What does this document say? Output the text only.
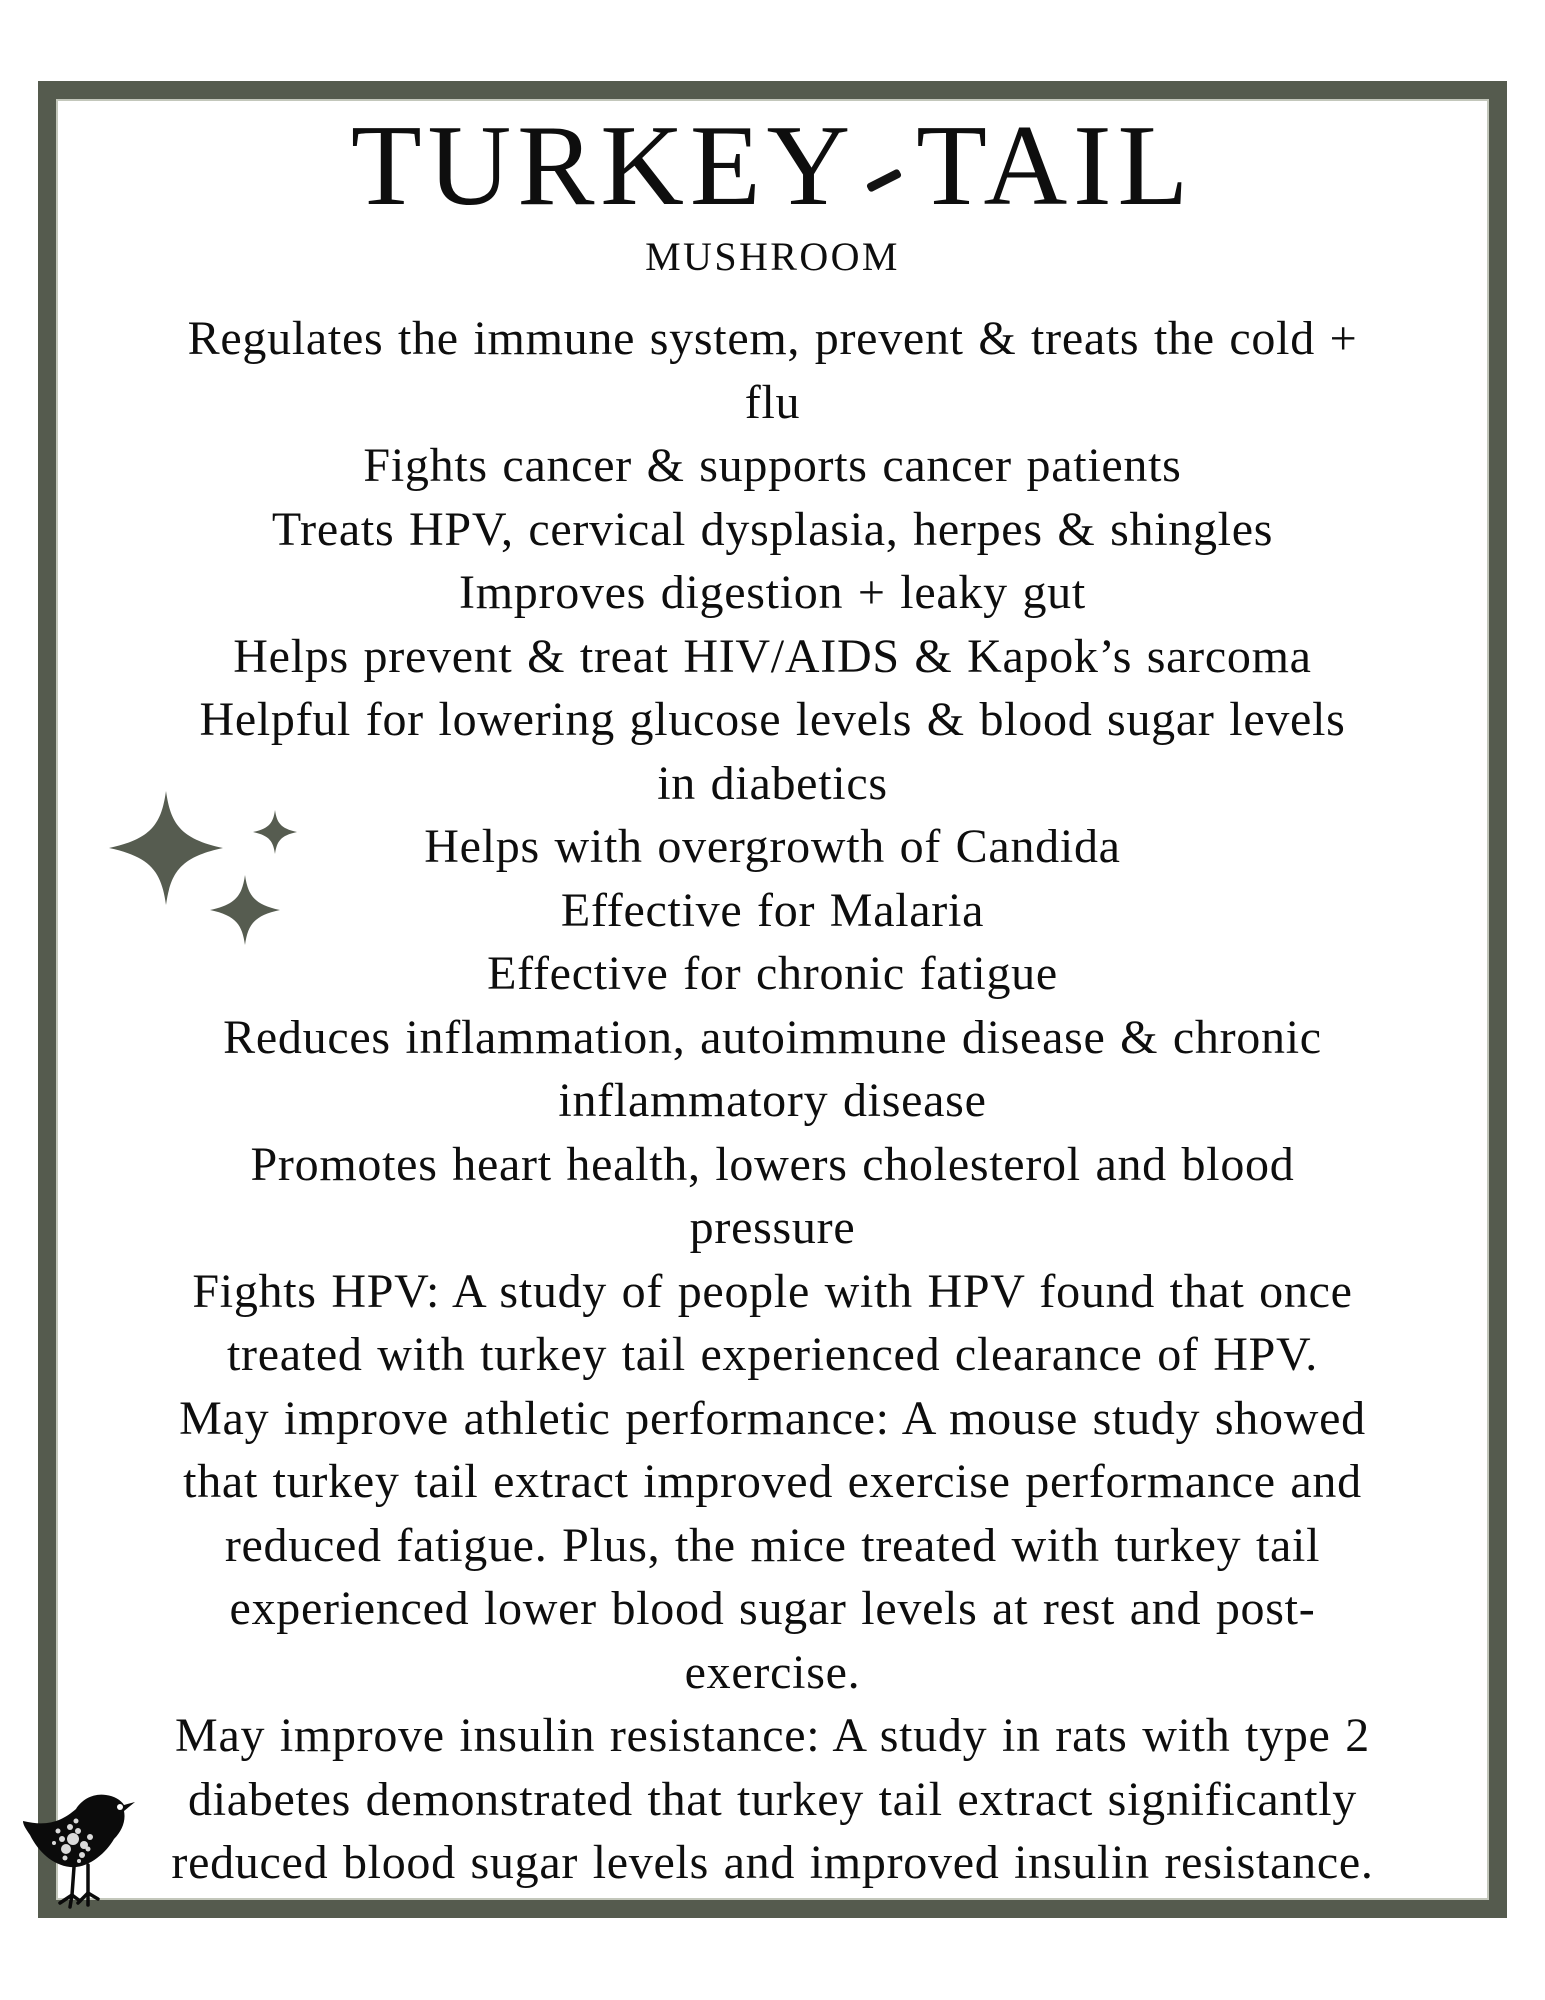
TURKEY TAIL
MUSHROOM
Regulates the immune system, prevent & treats the cold +
flu
Fights cancer & supports cancer patients
Treats HPV, cervical dysplasia, herpes & shingles
Improves digestion + leaky gut
Helps prevent & treat HIV/AIDS & Kapok’s sarcoma
Helpful for lowering glucose levels & blood sugar levels
in diabetics
Helps with overgrowth of Candida
Effective for Malaria
Effective for chronic fatigue
Reduces inflammation, autoimmune disease & chronic
inflammatory disease
Promotes heart health, lowers cholesterol and blood
pressure
Fights HPV: A study of people with HPV found that once
treated with turkey tail experienced clearance of HPV.
May improve athletic performance: A mouse study showed
that turkey tail extract improved exercise performance and
reduced fatigue. Plus, the mice treated with turkey tail
experienced lower blood sugar levels at rest and post-
exercise.
May improve insulin resistance: A study in rats with type 2
diabetes demonstrated that turkey tail extract significantly
reduced blood sugar levels and improved insulin resistance.
